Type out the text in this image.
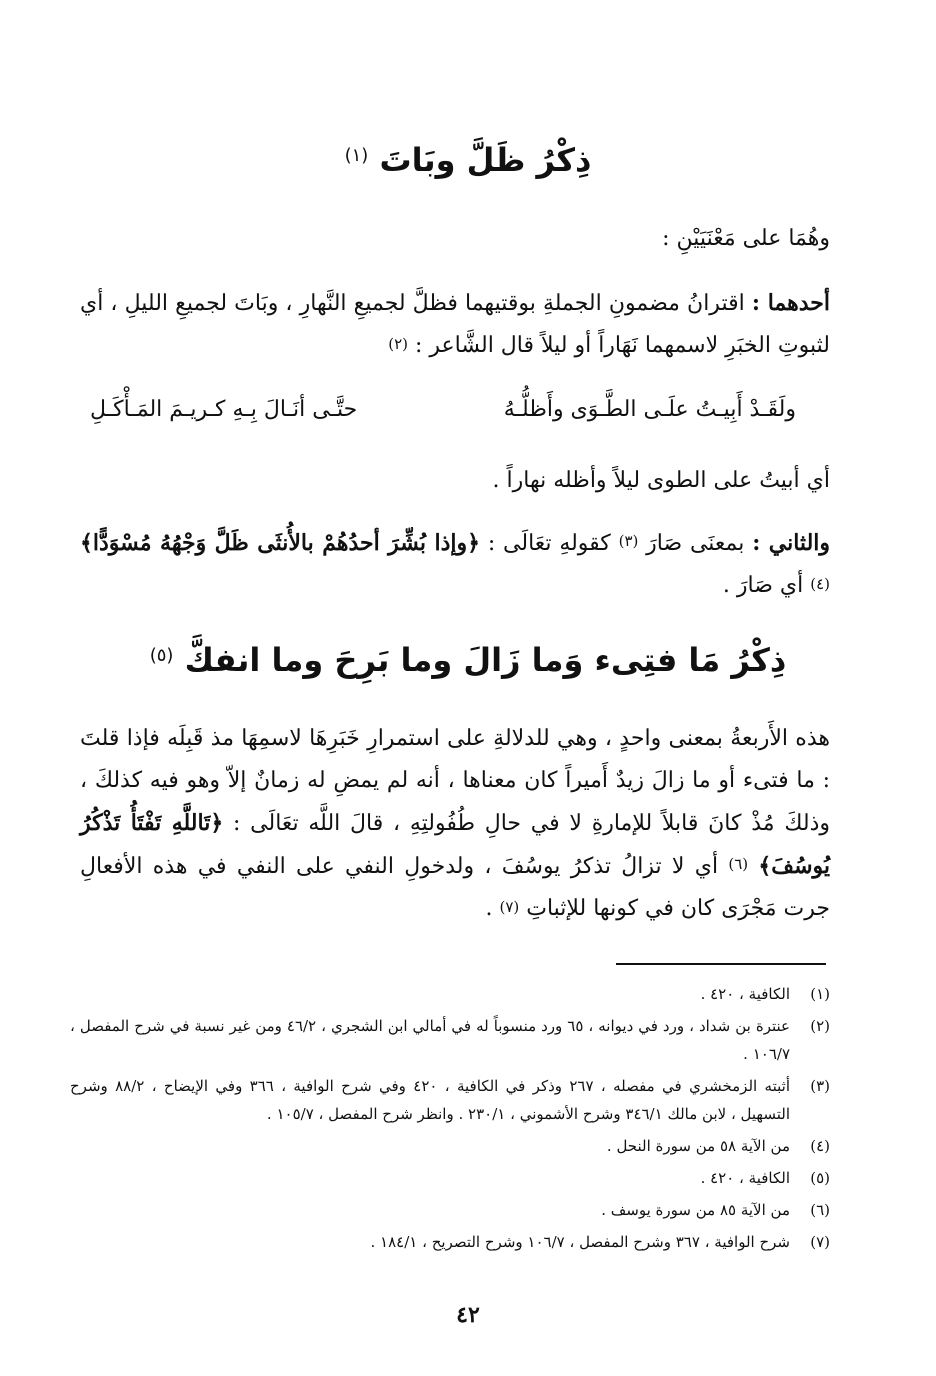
ذِكْرُ ظَلَّ وبَاتَ $^{(١)}$

وهُمَا على مَعْنَيَيْنِ :

أحدهما : اقترانُ مضمونِ الجملةِ بوقتيهما فظلَّ لجميعِ النَّهارِ ، وبَاتَ لجميعِ الليلِ ، أي لثبوتِ الخبَرِ لاسمهما نَهَاراً أو ليلاً قال الشَّاعر : $^{(٢)}$

ولَقَـدْ أَبِيـتُ علَـى الطَّـوَى وأَظلُّـهُ
حتَّـى أنَـالَ بِـهِ كـريـمَ المَـأْكَـلِ

أي أبيتُ على الطوى ليلاً وأظله نهاراً .

والثاني : بمعنَى صَارَ $^{(٣)}$ كقولهِ تعَالَى : ﴿وإذا بُشِّرَ أحدُهُمْ بالأُنثَى ظَلَّ وَجْهُهُ مُسْوَدًّا﴾ $^{(٤)}$ أي صَارَ .

ذِكْرُ مَا فتِىء وَما زَالَ وما بَرِحَ وما انفكَّ $^{(٥)}$

هذه الأَربعةُ بمعنى واحدٍ ، وهي للدلالةِ على استمرارِ خَبَرِهَا لاسمِهَا مذ قَبِلَه فإذا قلتَ : ما فتىء أو ما زالَ زيدٌ أَميراً كان معناها ، أنه لم يمضِ له زمانٌ إلاّ وهو فيه كذلكَ ، وذلكَ مُذْ كانَ قابلاً للإمارةِ لا في حالِ طُفُولتِهِ ، قالَ اللَّه تعَالَى : ﴿تَاللَّهِ تَفْتَأُ تَذْكُرُ يُوسُفَ﴾ $^{(٦)}$ أي لا تزالُ تذكرُ يوسُفَ ، ولدخولِ النفي على النفي في هذه الأفعالِ جرت مَجْرَى كان في كونها للإثباتِ $^{(٧)}$ .

(١)
الكافية ، ٤٢٠ .
(٢)
عنترة بن شداد ، ورد في ديوانه ، ٦٥ ورد منسوباً له في أمالي ابن الشجري ، ٤٦/٢ ومن غير نسبة في شرح المفصل ، ١٠٦/٧ .
(٣)
أثبته الزمخشري في مفصله ، ٢٦٧ وذكر في الكافية ، ٤٢٠ وفي شرح الوافية ، ٣٦٦ وفي الإيضاح ، ٨٨/٢ وشرح التسهيل ، لابن مالك ٣٤٦/١ وشرح الأشموني ، ٢٣٠/١ . وانظر شرح المفصل ، ١٠٥/٧ .
(٤)
من الآية ٥٨ من سورة النحل .
(٥)
الكافية ، ٤٢٠ .
(٦)
من الآية ٨٥ من سورة يوسف .
(٧)
شرح الوافية ، ٣٦٧ وشرح المفصل ، ١٠٦/٧ وشرح التصريح ، ١٨٤/١ .
٤٢
